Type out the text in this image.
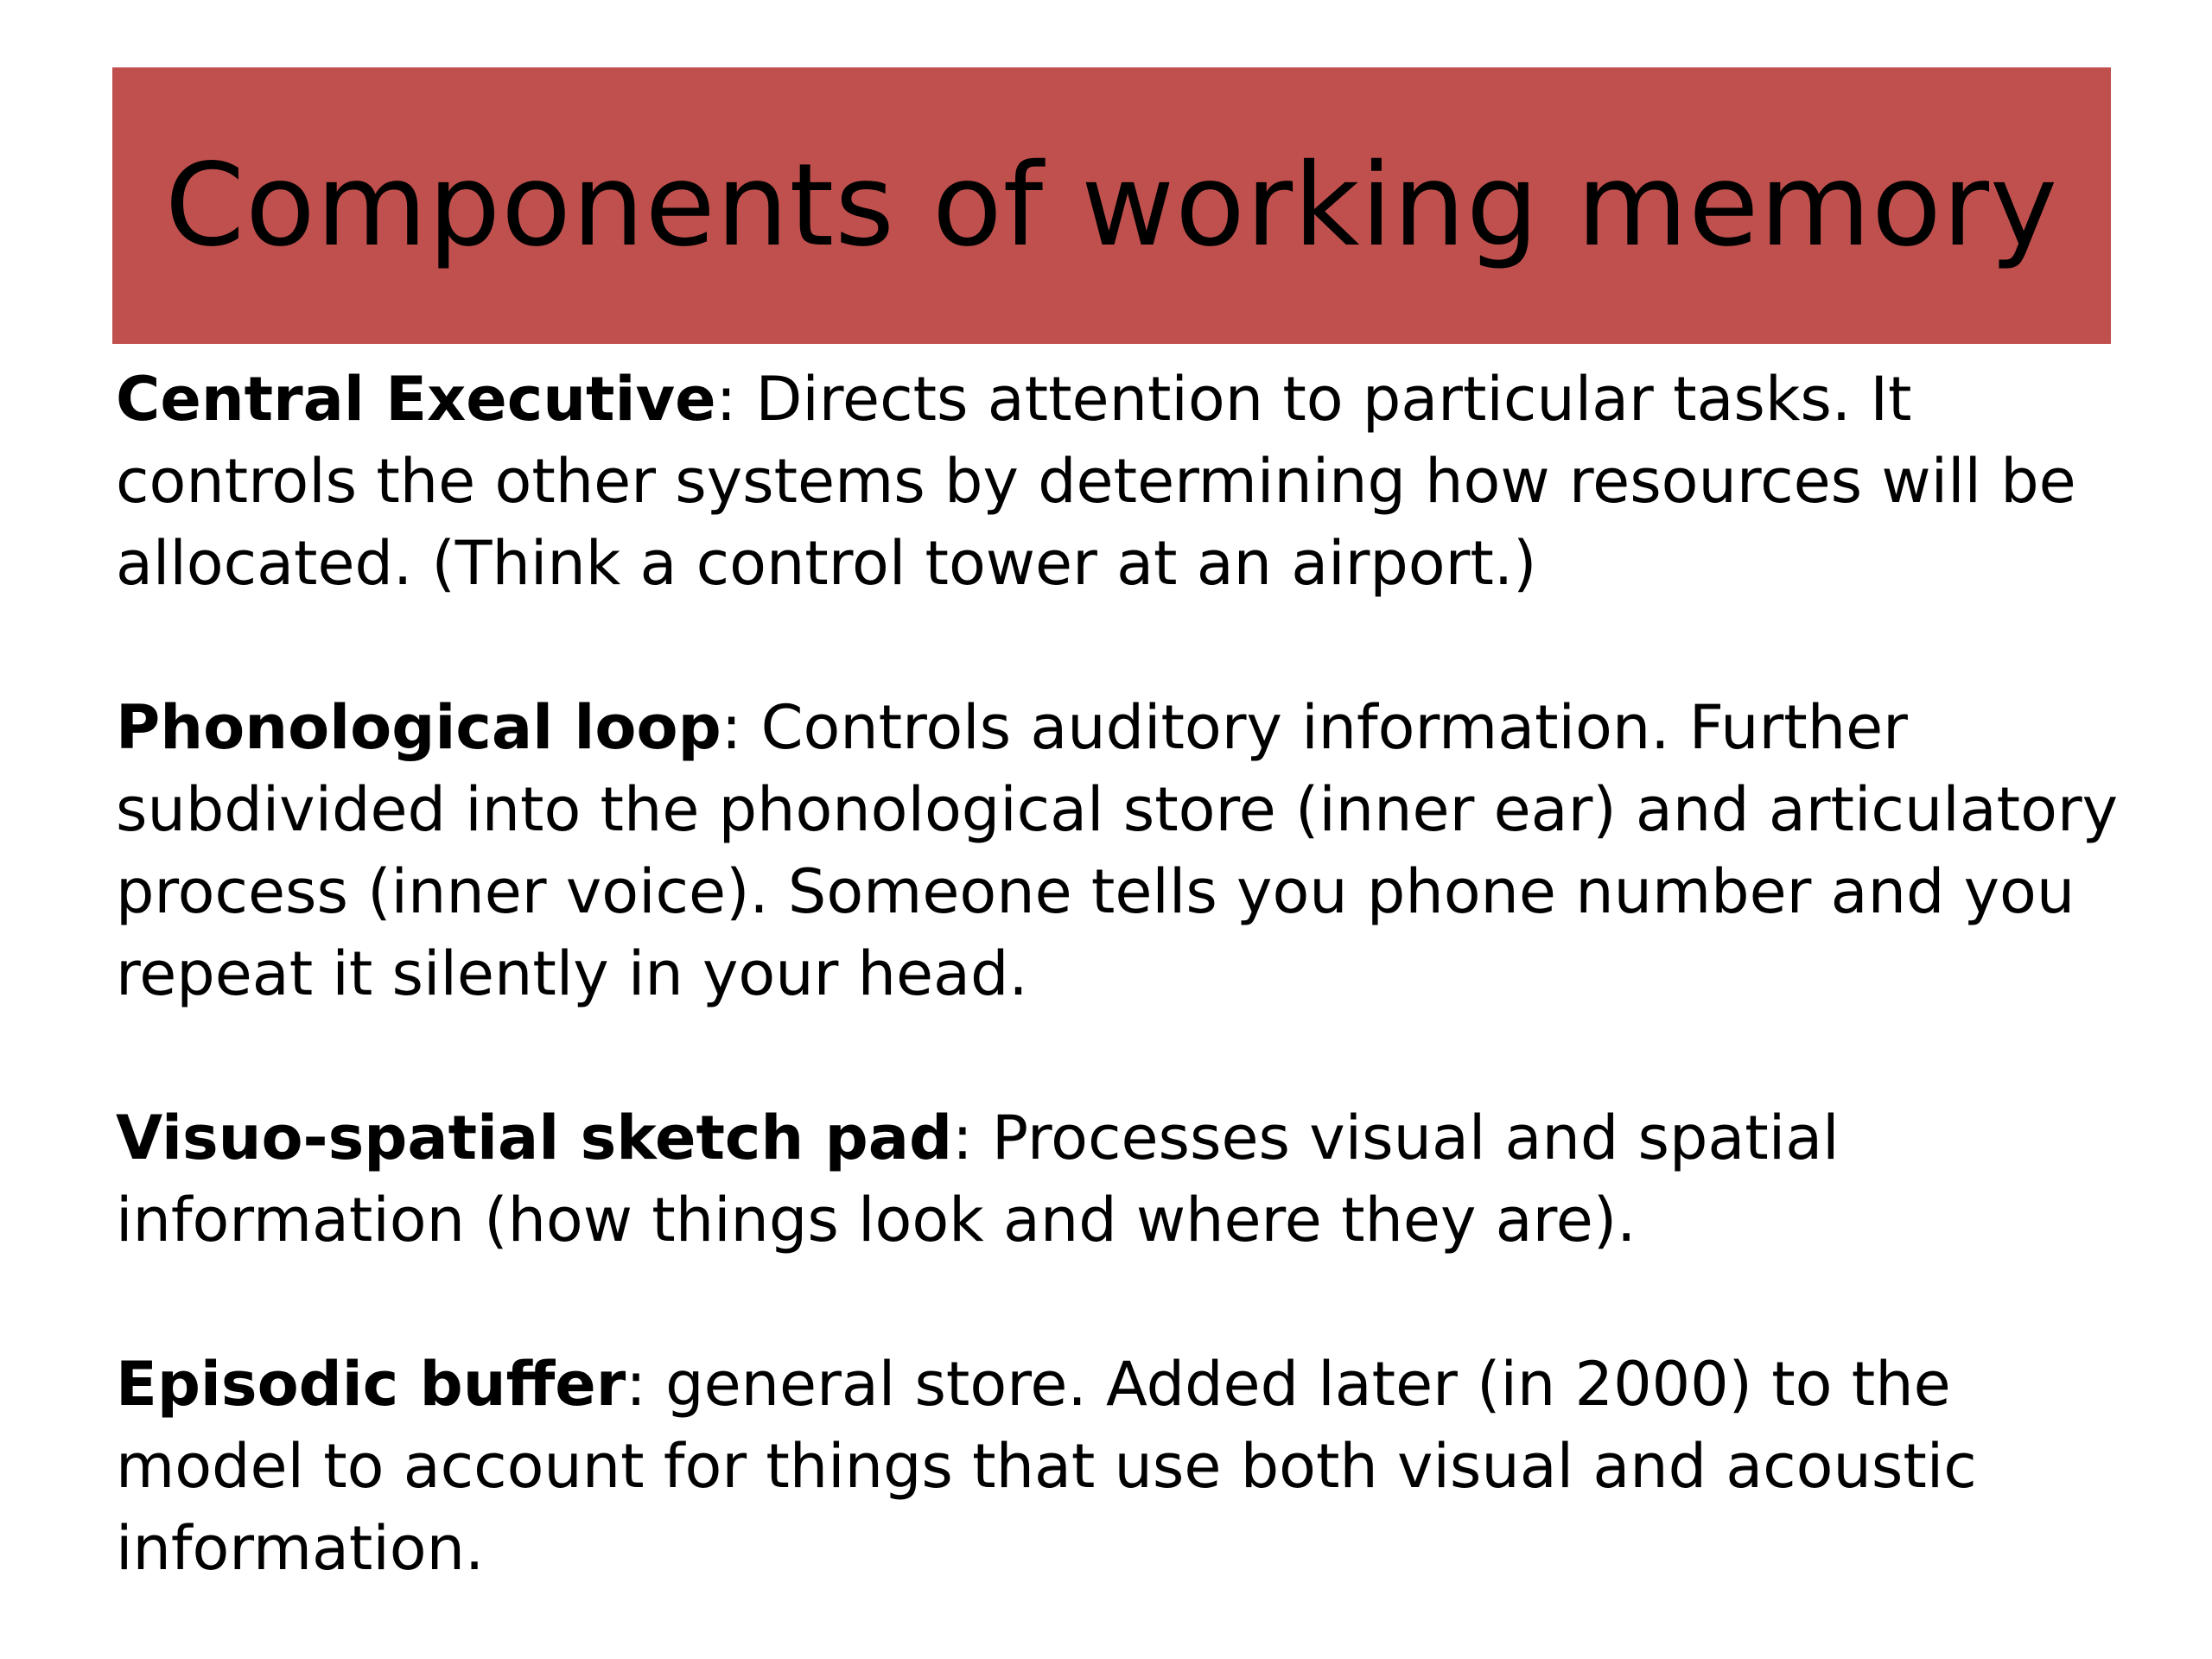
Components of working memory

Central Executive: Directs attention to particular tasks. It controls the other systems by determining how resources will be allocated. (Think a control tower at an airport.)

Phonological loop: Controls auditory information. Further subdivided into the phonological store (inner ear) and articulatory process (inner voice). Someone tells you phone number and you repeat it silently in your head.

Visuo-spatial sketch pad: Processes visual and spatial information (how things look and where they are).

Episodic buffer: general store. Added later (in 2000) to the model to account for things that use both visual and acoustic information.
